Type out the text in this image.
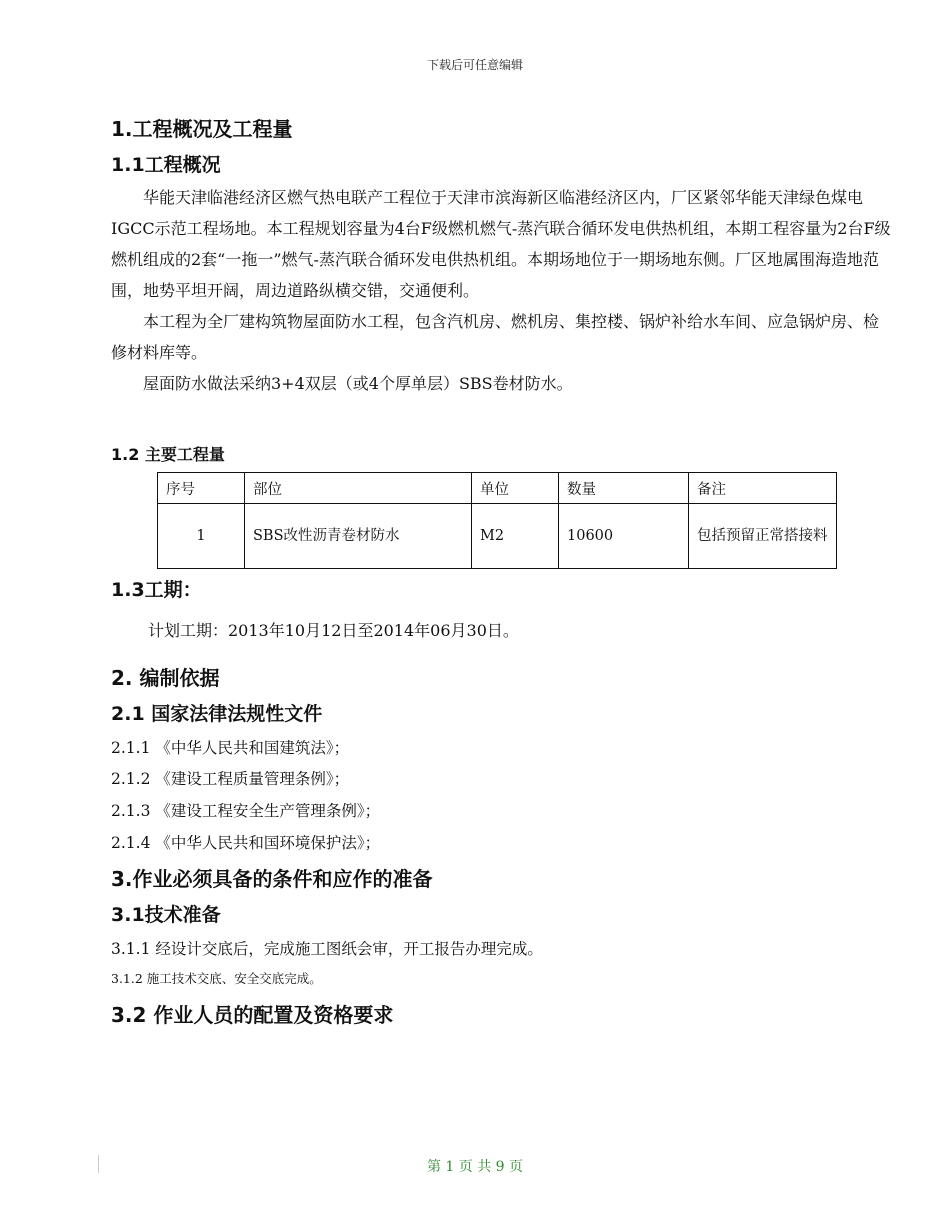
下载后可任意编辑
1.工程概况及工程量
1.1工程概况

华能天津临港经济区燃气热电联产工程位于天津市滨海新区临港经济区内，厂区紧邻华能天津绿色煤电IGCC示范工程场地。本工程规划容量为4台F级燃机燃气-蒸汽联合循环发电供热机组，本期工程容量为2台F级燃机组成的2套“一拖一”燃气-蒸汽联合循环发电供热机组。本期场地位于一期场地东侧。厂区地属围海造地范围，地势平坦开阔，周边道路纵横交错，交通便利。

本工程为全厂建构筑物屋面防水工程，包含汽机房、燃机房、集控楼、锅炉补给水车间、应急锅炉房、检修材料库等。

屋面防水做法采纳3+4双层（或4个厚单层）SBS卷材防水。

1.2 主要工程量
序号	部位	单位	数量	备注
1	SBS改性沥青卷材防水	M2	10600	包括预留正常搭接料
1.3工期：
计划工期：2013年10月12日至2014年06月30日。
2. 编制依据
2.1 国家法律法规性文件
2.1.1 《中华人民共和国建筑法》；
2.1.2 《建设工程质量管理条例》；
2.1.3 《建设工程安全生产管理条例》；
2.1.4 《中华人民共和国环境保护法》；
3.作业必须具备的条件和应作的准备
3.1技术准备
3.1.1 经设计交底后，完成施工图纸会审，开工报告办理完成。
3.1.2 施工技术交底、安全交底完成。
3.2 作业人员的配置及资格要求
第 1 页 共 9 页
